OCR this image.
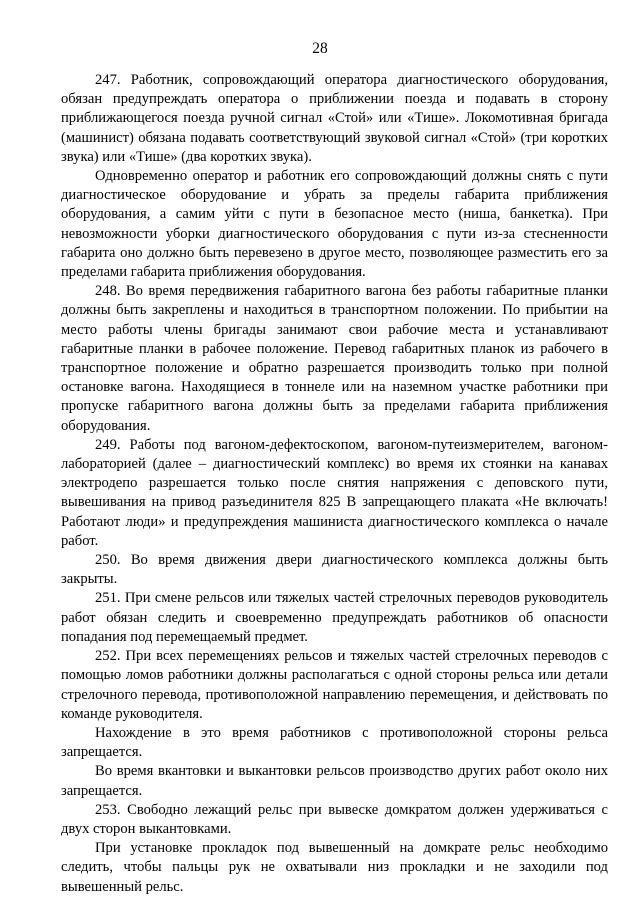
28

247. Работник, сопровождающий оператора диагностического оборудования, обязан предупреждать оператора о приближении поезда и подавать в сторону приближающегося поезда ручной сигнал «Стой» или «Тише». Локомотивная бригада (машинист) обязана подавать соответствующий звуковой сигнал «Стой» (три коротких звука) или «Тише» (два коротких звука).

Одновременно оператор и работник его сопровождающий должны снять с пути диагностическое оборудование и убрать за пределы габарита приближения оборудования, а самим уйти с пути в безопасное место (ниша, банкетка). При невозможности уборки диагностического оборудования с пути из-за стесненности габарита оно должно быть перевезено в другое место, позволяющее разместить его за пределами габарита приближения оборудования.

248. Во время передвижения габаритного вагона без работы габаритные планки должны быть закреплены и находиться в транспортном положении. По прибытии на место работы члены бригады занимают свои рабочие места и устанавливают габаритные планки в рабочее положение. Перевод габаритных планок из рабочего в транспортное положение и обратно разрешается производить только при полной остановке вагона. Находящиеся в тоннеле или на наземном участке работники при пропуске габаритного вагона должны быть за пределами габарита приближения оборудования.

249. Работы под вагоном-дефектоскопом, вагоном-путеизмерителем, вагоном-лабораторией (далее – диагностический комплекс) во время их стоянки на канавах электродепо разрешается только после снятия напряжения с деповского пути, вывешивания на привод разъединителя 825 В запрещающего плаката «Не включать! Работают люди» и предупреждения машиниста диагностического комплекса о начале работ.

250. Во время движения двери диагностического комплекса должны быть закрыты.

251. При смене рельсов или тяжелых частей стрелочных переводов руководитель работ обязан следить и своевременно предупреждать работников об опасности попадания под перемещаемый предмет.

252. При всех перемещениях рельсов и тяжелых частей стрелочных переводов с помощью ломов работники должны располагаться с одной стороны рельса или детали стрелочного перевода, противоположной направлению перемещения, и действовать по команде руководителя.

Нахождение в это время работников с противоположной стороны рельса запрещается.

Во время вкантовки и выкантовки рельсов производство других работ около них запрещается.

253. Свободно лежащий рельс при вывеске домкратом должен удерживаться с двух сторон выкантовками.

При установке прокладок под вывешенный на домкрате рельс необходимо следить, чтобы пальцы рук не охватывали низ прокладки и не заходили под вывешенный рельс.
